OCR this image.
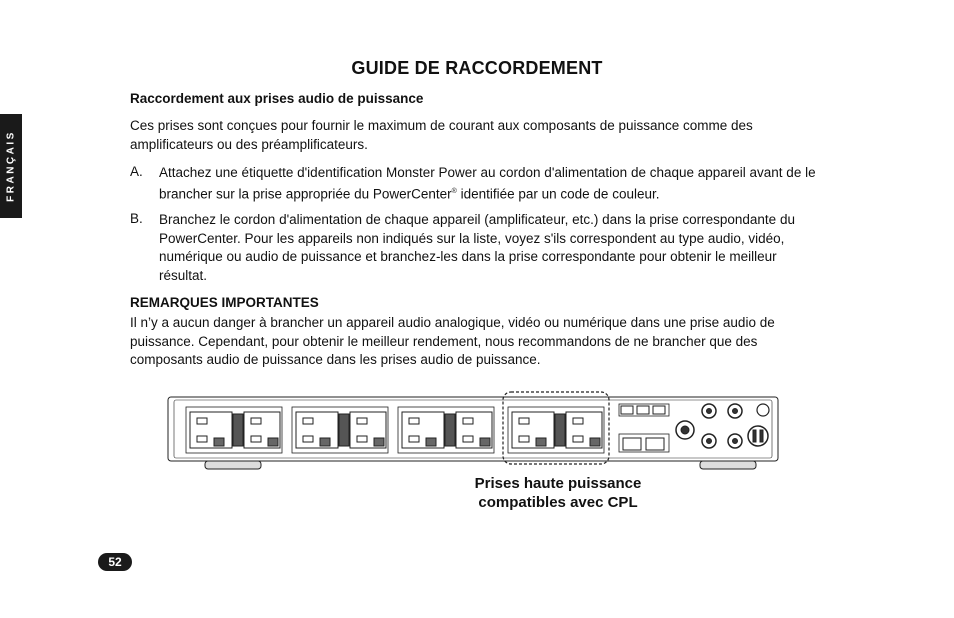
FRANÇAIS
GUIDE DE RACCORDEMENT
Raccordement aux prises audio de puissance
Ces prises sont conçues pour fournir le maximum de courant aux composants de puissance comme des amplificateurs ou des préamplificateurs.
A. Attachez une étiquette d'identification Monster Power au cordon d'alimentation de chaque appareil avant de le brancher sur la prise appropriée du PowerCenter® identifiée par un code de couleur.
B. Branchez le cordon d'alimentation de chaque appareil (amplificateur, etc.) dans la prise correspondante du PowerCenter. Pour les appareils non indiqués sur la liste, voyez s'ils correspondent au type audio, vidéo, numérique ou audio de puissance et branchez-les dans la prise correspondante pour obtenir le meilleur résultat.
REMARQUES IMPORTANTES
Il n’y a aucun danger à brancher un appareil audio analogique, vidéo ou numérique dans une prise audio de puissance. Cependant, pour obtenir le meilleur rendement, nous recommandons de ne brancher que des composants audio de puissance dans les prises audio de puissance.
Prises haute puissance
compatibles avec CPL
52
